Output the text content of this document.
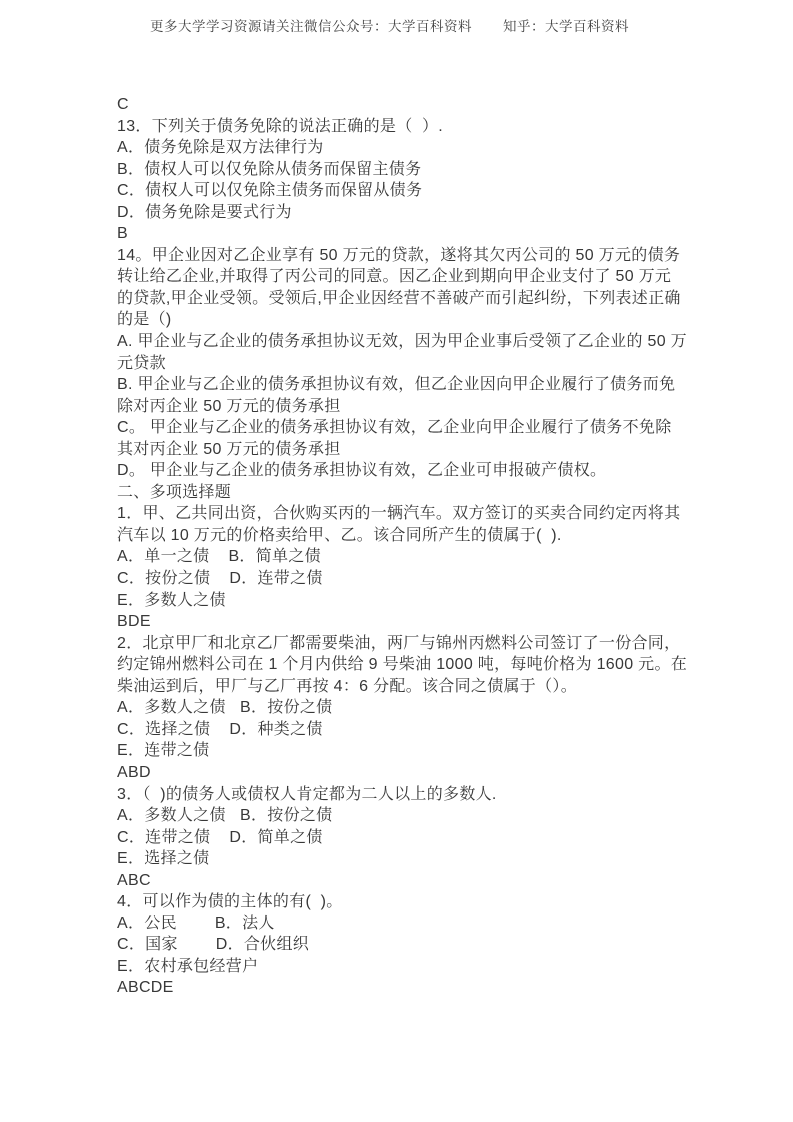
更多大学学习资源请关注微信公众号：大学百科资料        知乎：大学百科资料
C
13．下列关于债务免除的说法正确的是（  ）.
A．债务免除是双方法律行为
B．债权人可以仅免除从债务而保留主债务
C．债权人可以仅免除主债务而保留从债务
D．债务免除是要式行为
B
14。甲企业因对乙企业享有 50 万元的贷款，遂将其欠丙公司的 50 万元的债务
转让给乙企业,并取得了丙公司的同意。因乙企业到期向甲企业支付了 50 万元
的贷款,甲企业受领。受领后,甲企业因经营不善破产而引起纠纷，下列表述正确
的是（)
A. 甲企业与乙企业的债务承担协议无效，因为甲企业事后受领了乙企业的 50 万
元贷款
B. 甲企业与乙企业的债务承担协议有效，但乙企业因向甲企业履行了债务而免
除对丙企业 50 万元的债务承担
C。 甲企业与乙企业的债务承担协议有效，乙企业向甲企业履行了债务不免除
其对丙企业 50 万元的债务承担
D。 甲企业与乙企业的债务承担协议有效，乙企业可申报破产债权。
二、多项选择题
1．甲、乙共同出资，合伙购买丙的一辆汽车。双方签订的买卖合同约定丙将其
汽车以 10 万元的价格卖给甲、乙。该合同所产生的债属于(  ).
A．单一之债    B．简单之债
C．按份之债    D．连带之债
E．多数人之债
BDE
2．北京甲厂和北京乙厂都需要柴油，两厂与锦州丙燃料公司签订了一份合同，
约定锦州燃料公司在 1 个月内供给 9 号柴油 1000 吨，每吨价格为 1600 元。在
柴油运到后，甲厂与乙厂再按 4：6 分配。该合同之债属于（）。
A．多数人之债   B．按份之债
C．选择之债    D．种类之债
E．连带之债
ABD
3．（  )的债务人或债权人肯定都为二人以上的多数人.
A．多数人之债   B．按份之债
C．连带之债    D．简单之债
E．选择之债
ABC
4．可以作为债的主体的有(  )。
A．公民        B．法人
C．国家        D．合伙组织
E．农村承包经营户
ABCDE
